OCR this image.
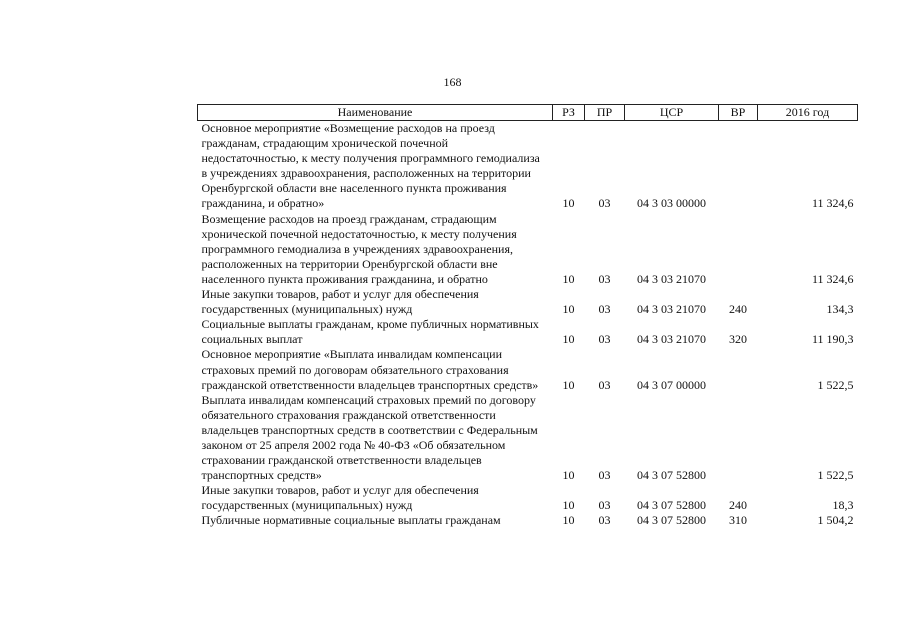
168
Наименование	РЗ	ПР	ЦСР	ВР	2016 год
Основное мероприятие «Возмещение расходов на проезд гражданам, страдающим хронической почечной недостаточностью, к месту получения программного гемодиализа в учреждениях здравоохранения, расположенных на территории Оренбургской области вне населенного пункта проживания гражданина, и обратно»	10	03	04 3 03 00000		11 324,6
Возмещение расходов на проезд гражданам, страдающим хронической почечной недостаточностью, к месту получения программного гемодиализа в учреждениях здравоохранения, расположенных на территории Оренбургской области вне населенного пункта проживания гражданина, и обратно	10	03	04 3 03 21070		11 324,6
Иные закупки товаров, работ и услуг для обеспечения государственных (муниципальных) нужд	10	03	04 3 03 21070	240	134,3
Социальные выплаты гражданам, кроме публичных нормативных социальных выплат	10	03	04 3 03 21070	320	11 190,3
Основное мероприятие «Выплата инвалидам компенсации страховых премий по договорам обязательного страхования гражданской ответственности владельцев транспортных средств»	10	03	04 3 07 00000		1 522,5
Выплата инвалидам компенсаций страховых премий по договору обязательного страхования гражданской ответственности владельцев транспортных средств в соответствии с Федеральным законом от 25 апреля 2002 года № 40-ФЗ «Об обязательном страховании гражданской ответственности владельцев транспортных средств»	10	03	04 3 07 52800		1 522,5
Иные закупки товаров, работ и услуг для обеспечения государственных (муниципальных) нужд	10	03	04 3 07 52800	240	18,3
Публичные нормативные социальные выплаты гражданам	10	03	04 3 07 52800	310	1 504,2
